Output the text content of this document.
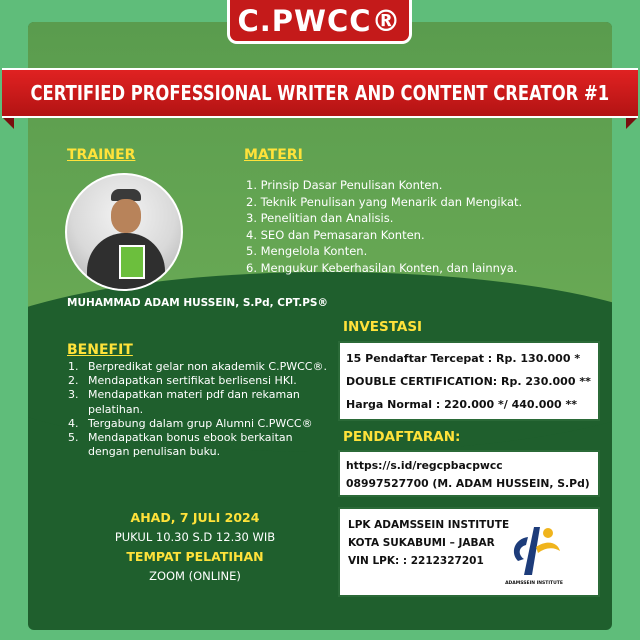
C.PWCC®
CERTIFIED PROFESSIONAL WRITER AND CONTENT CREATOR #1
TRAINER
MUHAMMAD ADAM HUSSEIN, S.Pd, CPT.PS®
MATERI
1. Prinsip Dasar Penulisan Konten.
2. Teknik Penulisan yang Menarik dan Mengikat.
3. Penelitian dan Analisis.
4. SEO dan Pemasaran Konten.
5. Mengelola Konten.
6. Mengukur Keberhasilan Konten, dan lainnya.
BENEFIT
1. Berpredikat gelar non akademik C.PWCC®.
2. Mendapatkan sertifikat berlisensi HKI.
3. Mendapatkan materi pdf dan rekaman pelatihan.
4. Tergabung dalam grup Alumni C.PWCC®
5. Mendapatkan bonus ebook berkaitan dengan penulisan buku.
AHAD, 7 JULI 2024
PUKUL 10.30 S.D 12.30 WIB
TEMPAT PELATIHAN
ZOOM (ONLINE)
INVESTASI
15 Pendaftar Tercepat : Rp. 130.000 *
DOUBLE CERTIFICATION: Rp. 230.000 **
Harga Normal : 220.000 */ 440.000 **
PENDAFTARAN:
https://s.id/regcpbacpwcc
08997527700 (M. ADAM HUSSEIN, S.Pd)
LPK ADAMSSEIN INSTITUTE
KOTA SUKABUMI – JABAR
VIN LPK: : 2212327201
ADAMSSEIN INSTITUTE
